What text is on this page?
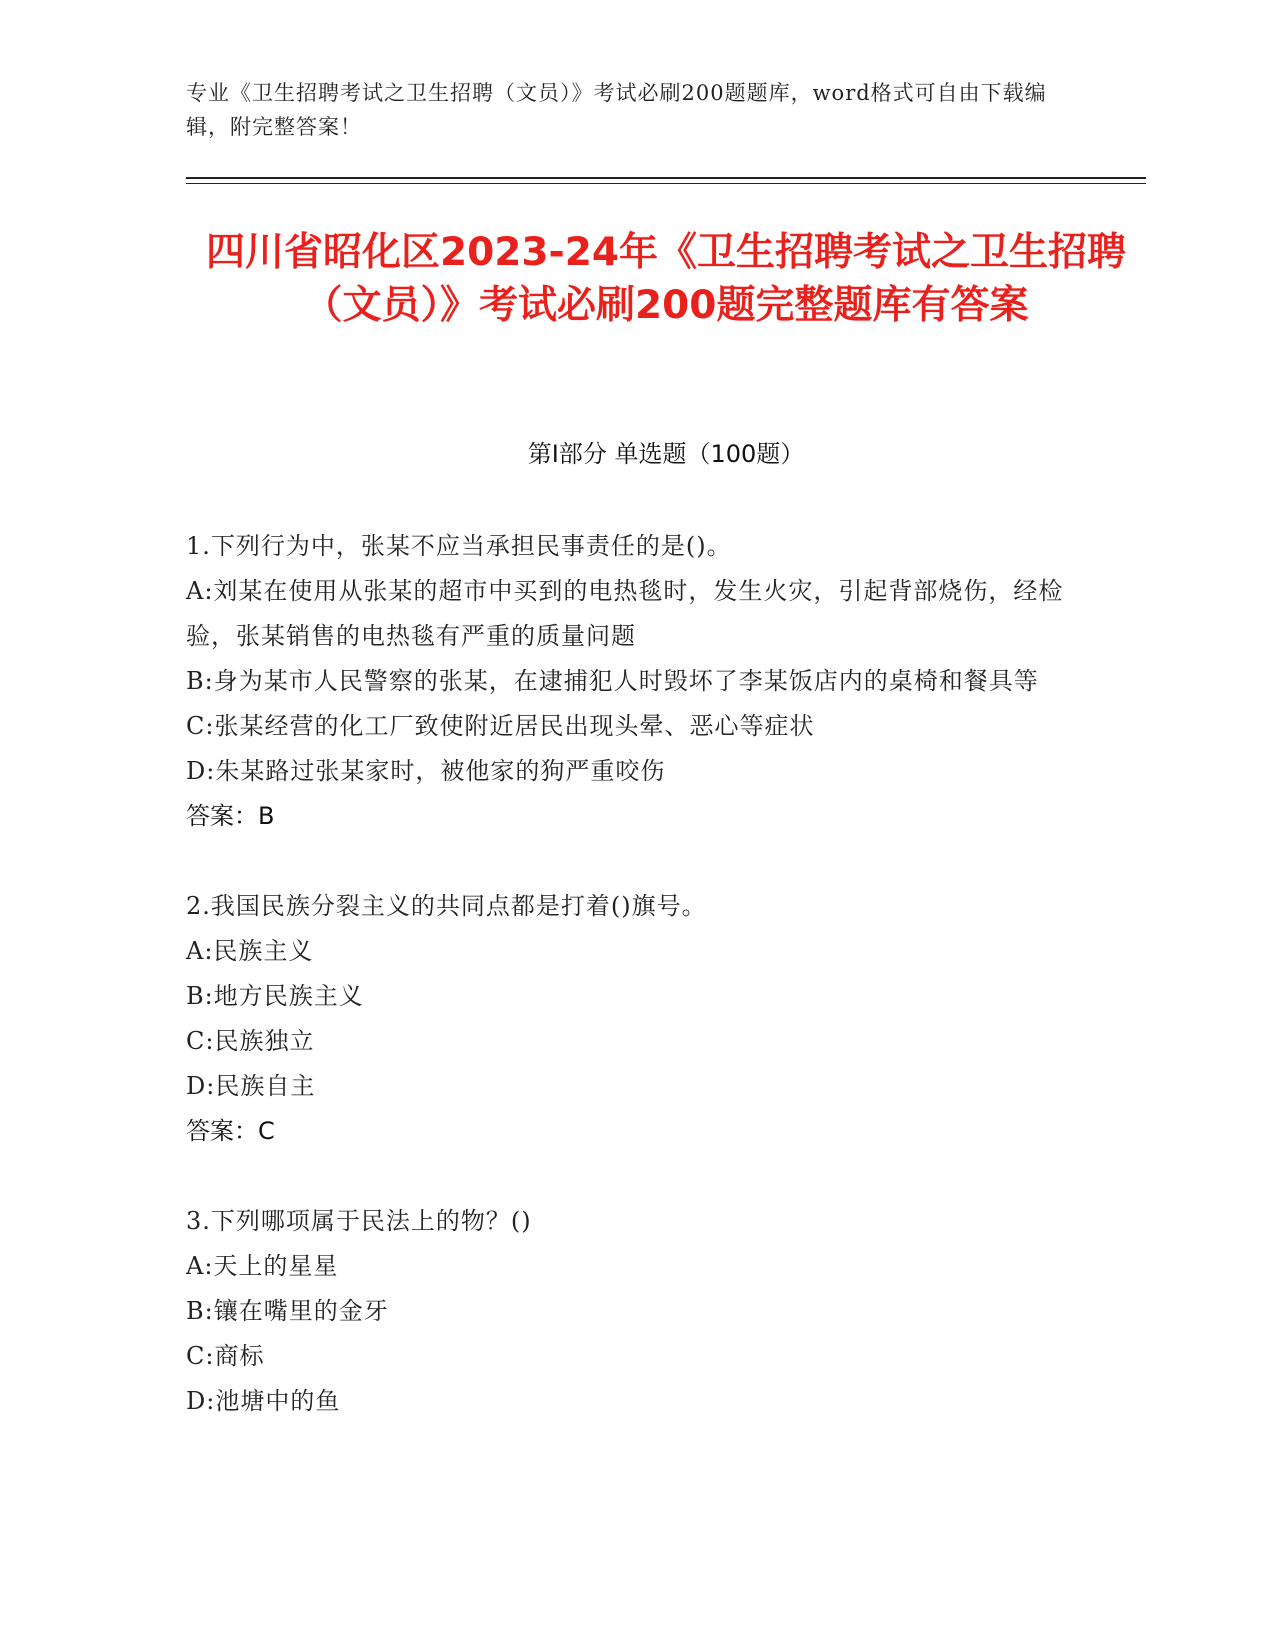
专业《卫生招聘考试之卫生招聘（文员）》考试必刷200题题库，word格式可自由下载编辑，附完整答案！
四川省昭化区2023-24年《卫生招聘考试之卫生招聘（文员）》考试必刷200题完整题库有答案
第I部分 单选题（100题）
1.下列行为中，张某不应当承担民事责任的是()。
A:刘某在使用从张某的超市中买到的电热毯时，发生火灾，引起背部烧伤，经检验，张某销售的电热毯有严重的质量问题
B:身为某市人民警察的张某，在逮捕犯人时毁坏了李某饭店内的桌椅和餐具等
C:张某经营的化工厂致使附近居民出现头晕、恶心等症状
D:朱某路过张某家时，被他家的狗严重咬伤
答案：B
2.我国民族分裂主义的共同点都是打着()旗号。
A:民族主义
B:地方民族主义
C:民族独立
D:民族自主
答案：C
3.下列哪项属于民法上的物？()
A:天上的星星
B:镶在嘴里的金牙
C:商标
D:池塘中的鱼
